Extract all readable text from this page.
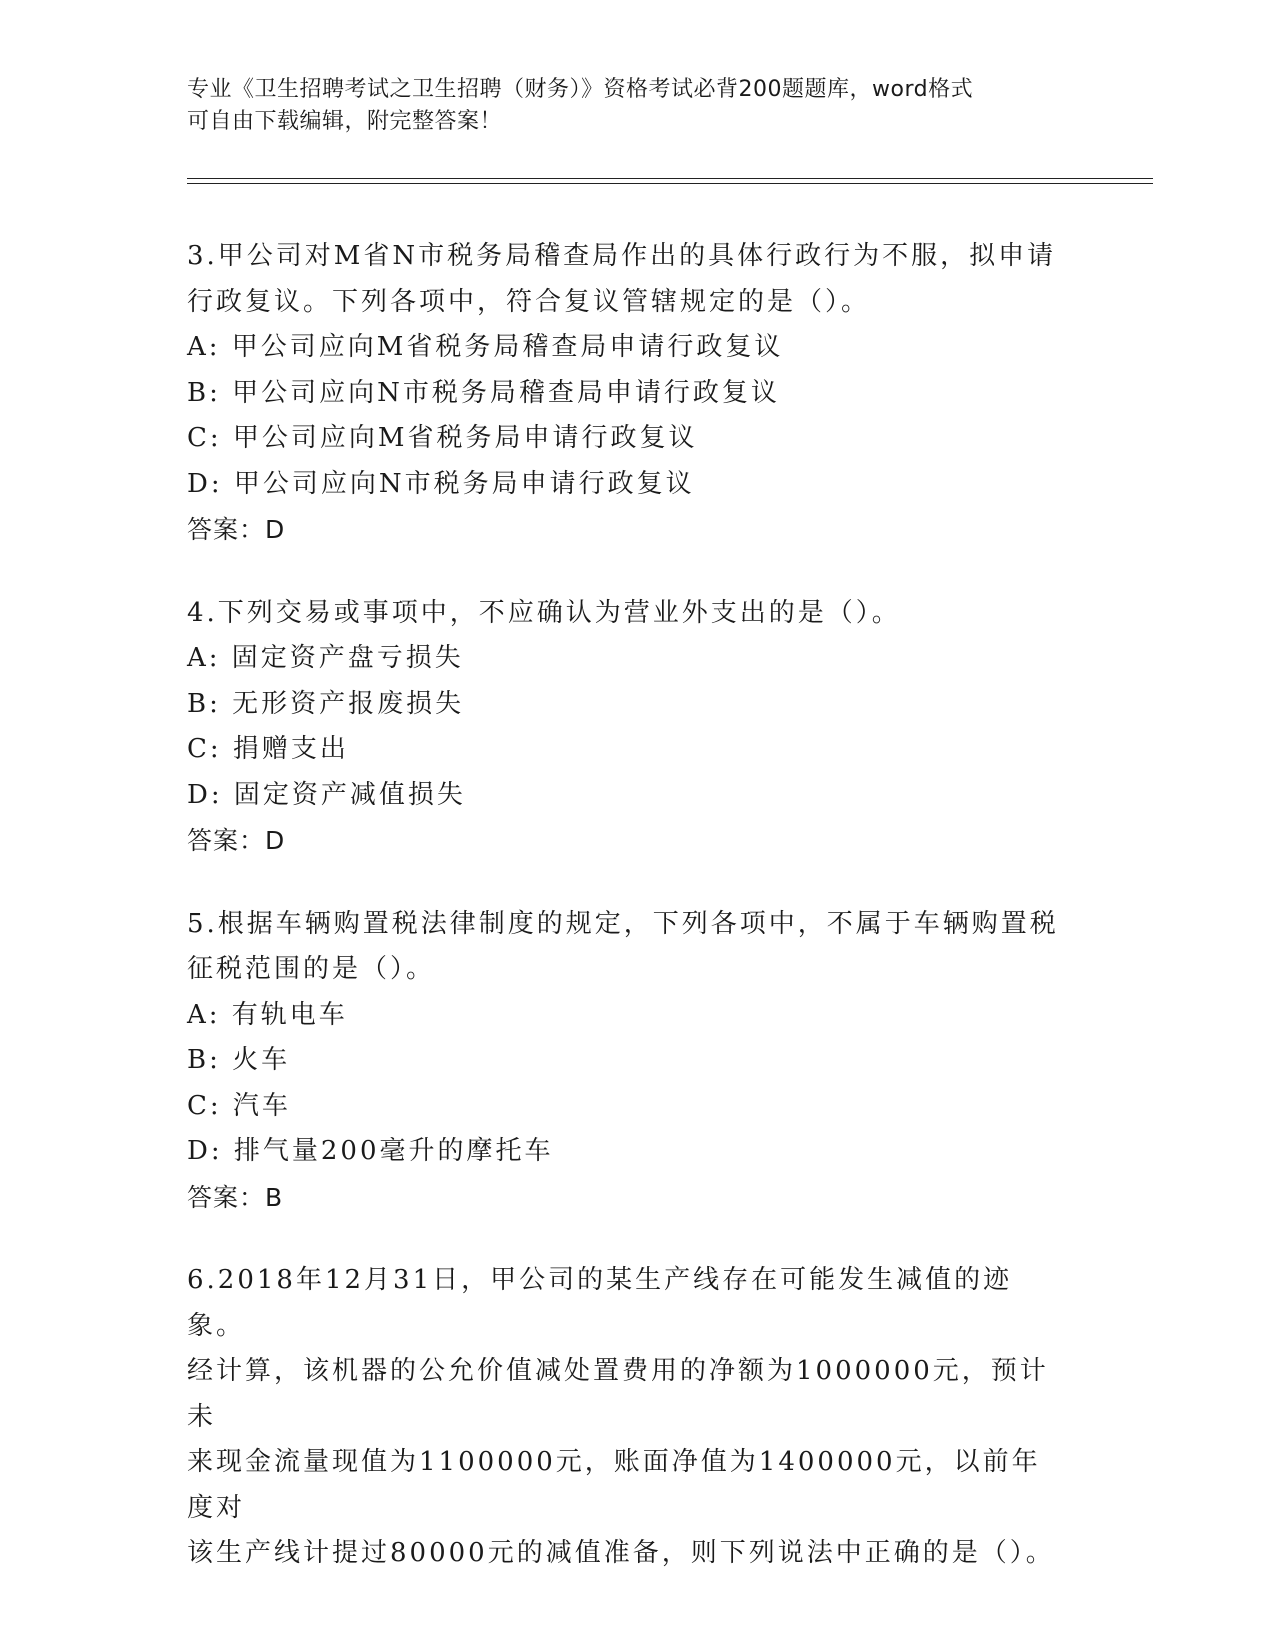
专业《卫生招聘考试之卫生招聘（财务）》资格考试必背200题题库，word格式
可自由下载编辑，附完整答案！

3.甲公司对M省N市税务局稽查局作出的具体行政行为不服，拟申请

行政复议。下列各项中，符合复议管辖规定的是（）。

A: 甲公司应向M省税务局稽查局申请行政复议

B: 甲公司应向N市税务局稽查局申请行政复议

C: 甲公司应向M省税务局申请行政复议

D: 甲公司应向N市税务局申请行政复议

答案：D

4.下列交易或事项中，不应确认为营业外支出的是（）。

A: 固定资产盘亏损失

B: 无形资产报废损失

C: 捐赠支出

D: 固定资产减值损失

答案：D

5.根据车辆购置税法律制度的规定，下列各项中，不属于车辆购置税

征税范围的是（）。

A: 有轨电车

B: 火车

C: 汽车

D: 排气量200毫升的摩托车

答案：B

6.2018年12月31日，甲公司的某生产线存在可能发生减值的迹象。

经计算，该机器的公允价值减处置费用的净额为1000000元，预计未

来现金流量现值为1100000元，账面净值为1400000元，以前年度对

该生产线计提过80000元的减值准备，则下列说法中正确的是（）。
